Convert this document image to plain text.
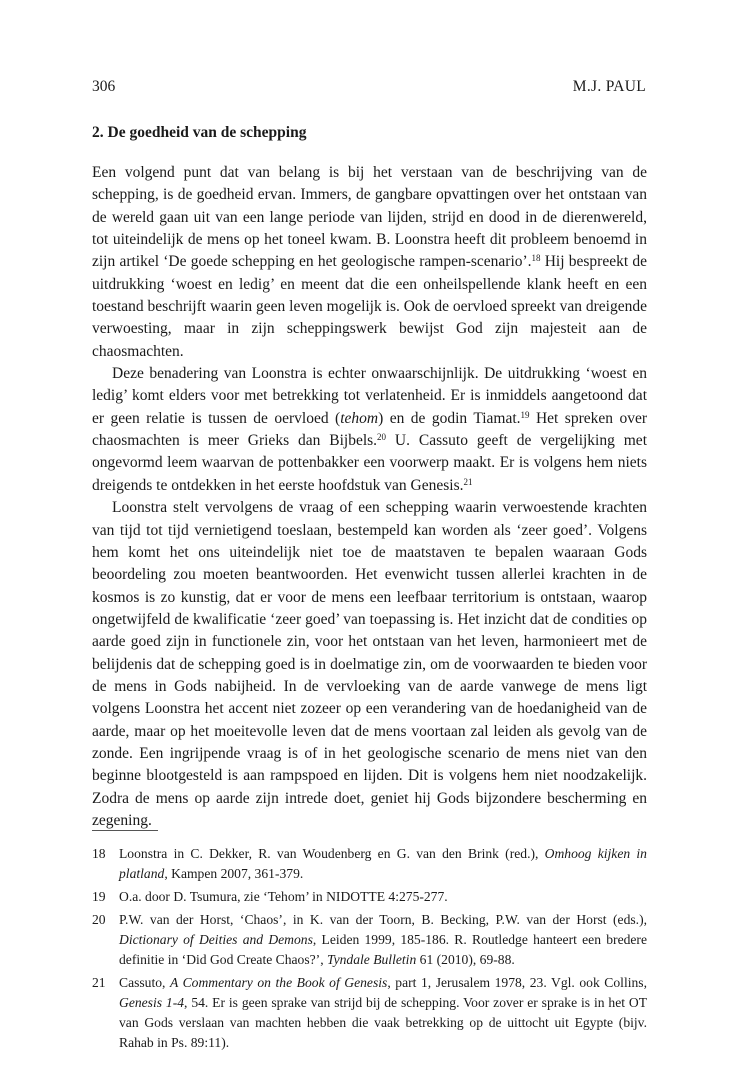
306	M.J. PAUL
2. De goedheid van de schepping

Een volgend punt dat van belang is bij het verstaan van de beschrijving van de schepping, is de goedheid ervan. Immers, de gangbare opvattingen over het ontstaan van de wereld gaan uit van een lange periode van lijden, strijd en dood in de dierenwereld, tot uiteindelijk de mens op het toneel kwam. B. Loonstra heeft dit probleem benoemd in zijn artikel ‘De goede schepping en het geologische rampen-scenario’.$^{18}$ Hij bespreekt de uitdrukking ‘woest en ledig’ en meent dat die een onheilspellende klank heeft en een toestand beschrijft waarin geen leven mogelijk is. Ook de oervloed spreekt van dreigende verwoesting, maar in zijn scheppingswerk bewijst God zijn majesteit aan de chaosmachten.

Deze benadering van Loonstra is echter onwaarschijnlijk. De uitdrukking ‘woest en ledig’ komt elders voor met betrekking tot verlatenheid. Er is inmiddels aangetoond dat er geen relatie is tussen de oervloed (tehom) en de godin Tiamat.$^{19}$ Het spreken over chaosmachten is meer Grieks dan Bijbels.$^{20}$ U. Cassuto geeft de vergelijking met ongevormd leem waarvan de pottenbakker een voorwerp maakt. Er is volgens hem niets dreigends te ontdekken in het eerste hoofdstuk van Genesis.$^{21}$

Loonstra stelt vervolgens de vraag of een schepping waarin verwoestende krachten van tijd tot tijd vernietigend toeslaan, bestempeld kan worden als ‘zeer goed’. Volgens hem komt het ons uiteindelijk niet toe de maatstaven te bepalen waaraan Gods beoordeling zou moeten beantwoorden. Het evenwicht tussen allerlei krachten in de kosmos is zo kunstig, dat er voor de mens een leefbaar territorium is ontstaan, waarop ongetwijfeld de kwalificatie ‘zeer goed’ van toepassing is. Het inzicht dat de condities op aarde goed zijn in functionele zin, voor het ontstaan van het leven, harmonieert met de belijdenis dat de schepping goed is in doelmatige zin, om de voorwaarden te bieden voor de mens in Gods nabijheid. In de vervloeking van de aarde vanwege de mens ligt volgens Loonstra het accent niet zozeer op een verandering van de hoedanigheid van de aarde, maar op het moeitevolle leven dat de mens voortaan zal leiden als gevolg van de zonde. Een ingrijpende vraag is of in het geologische scenario de mens niet van den beginne blootgesteld is aan rampspoed en lijden. Dit is volgens hem niet noodzakelijk. Zodra de mens op aarde zijn intrede doet, geniet hij Gods bijzondere bescherming en zegening.

18 Loonstra in C. Dekker, R. van Woudenberg en G. van den Brink (red.), Omhoog kijken in platland, Kampen 2007, 361-379.
19 O.a. door D. Tsumura, zie ‘Tehom’ in NIDOTTE 4:275-277.
20 P.W. van der Horst, ‘Chaos’, in K. van der Toorn, B. Becking, P.W. van der Horst (eds.), Dictionary of Deities and Demons, Leiden 1999, 185-186. R. Routledge hanteert een bredere definitie in ‘Did God Create Chaos?’, Tyndale Bulletin 61 (2010), 69-88.
21 Cassuto, A Commentary on the Book of Genesis, part 1, Jerusalem 1978, 23. Vgl. ook Collins, Genesis 1-4, 54. Er is geen sprake van strijd bij de schepping. Voor zover er sprake is in het OT van Gods verslaan van machten hebben die vaak betrekking op de uittocht uit Egypte (bijv. Rahab in Ps. 89:11).
